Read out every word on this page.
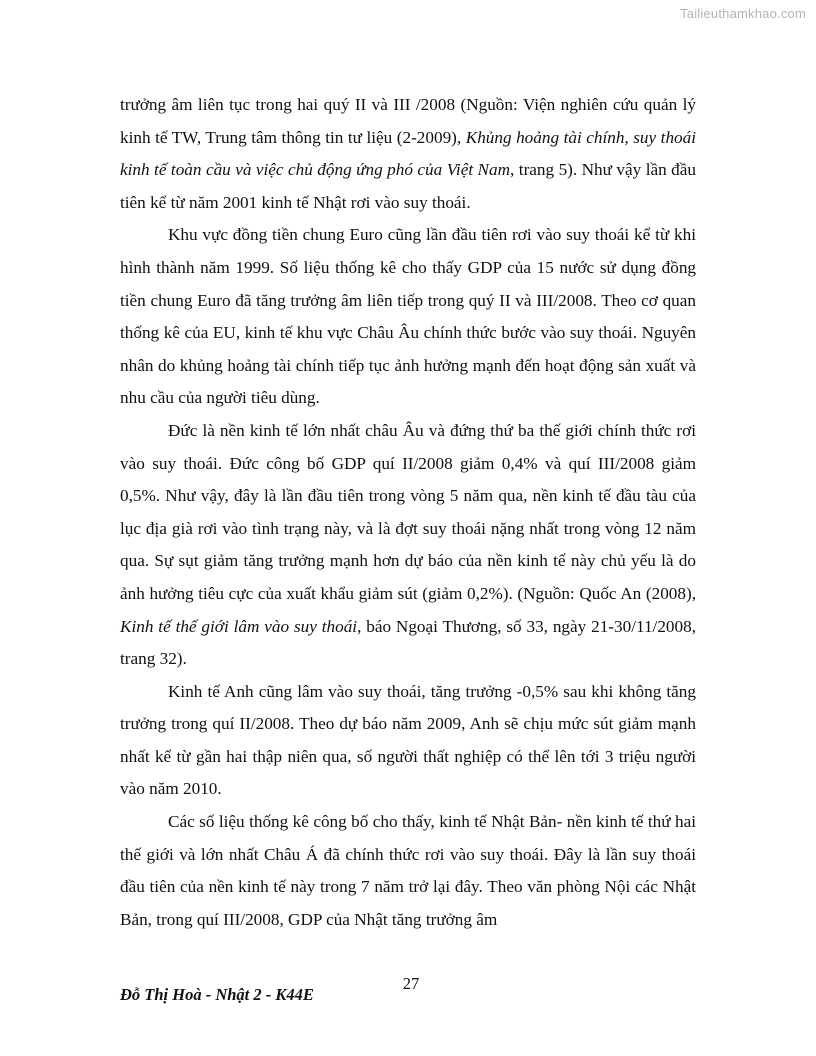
Tailieuthamkhao.com

trưởng âm liên tục trong hai quý II và III /2008 (Nguồn: Viện nghiên cứu quản lý kinh tế TW, Trung tâm thông tin tư liệu (2-2009), Khủng hoảng tài chính, suy thoái kinh tế toàn cầu và việc chủ động ứng phó của Việt Nam, trang 5). Như vậy lần đầu tiên kể từ năm 2001 kinh tế Nhật rơi vào suy thoái.

Khu vực đồng tiền chung Euro cũng lần đầu tiên rơi vào suy thoái kể từ khi hình thành năm 1999. Số liệu thống kê cho thấy GDP của 15 nước sử dụng đồng tiền chung Euro đã tăng trưởng âm liên tiếp trong quý II và III/2008. Theo cơ quan thống kê của EU, kinh tế khu vực Châu Âu chính thức bước vào suy thoái. Nguyên nhân do khủng hoảng tài chính tiếp tục ảnh hưởng mạnh đến hoạt động sản xuất và nhu cầu của người tiêu dùng.

Đức là nền kinh tế lớn nhất châu Âu và đứng thứ ba thế giới chính thức rơi vào suy thoái. Đức công bố GDP quí II/2008 giảm 0,4% và quí III/2008 giảm 0,5%. Như vậy, đây là lần đầu tiên trong vòng 5 năm qua, nền kinh tế đầu tàu của lục địa già rơi vào tình trạng này, và là đợt suy thoái nặng nhất trong vòng 12 năm qua. Sự sụt giảm tăng trưởng mạnh hơn dự báo của nền kinh tế này chủ yếu là do ảnh hưởng tiêu cực của xuất khẩu giảm sút (giảm 0,2%). (Nguồn: Quốc An (2008), Kinh tế thế giới lâm vào suy thoái, báo Ngoại Thương, số 33, ngày 21-30/11/2008, trang 32).

Kinh tế Anh cũng lâm vào suy thoái, tăng trưởng -0,5% sau khi không tăng trưởng trong quí II/2008. Theo dự báo năm 2009, Anh sẽ chịu mức sút giảm mạnh nhất kể từ gần hai thập niên qua, số người thất nghiệp có thể lên tới 3 triệu người vào năm 2010.

Các số liệu thống kê công bố cho thấy, kinh tế Nhật Bản- nền kinh tế thứ hai thế giới và lớn nhất Châu Á đã chính thức rơi vào suy thoái. Đây là lần suy thoái đầu tiên của nền kinh tế này trong 7 năm trở lại đây. Theo văn phòng Nội các Nhật Bản, trong quí III/2008, GDP của Nhật tăng trưởng âm

27
Đỗ Thị Hoà - Nhật 2 - K44E
